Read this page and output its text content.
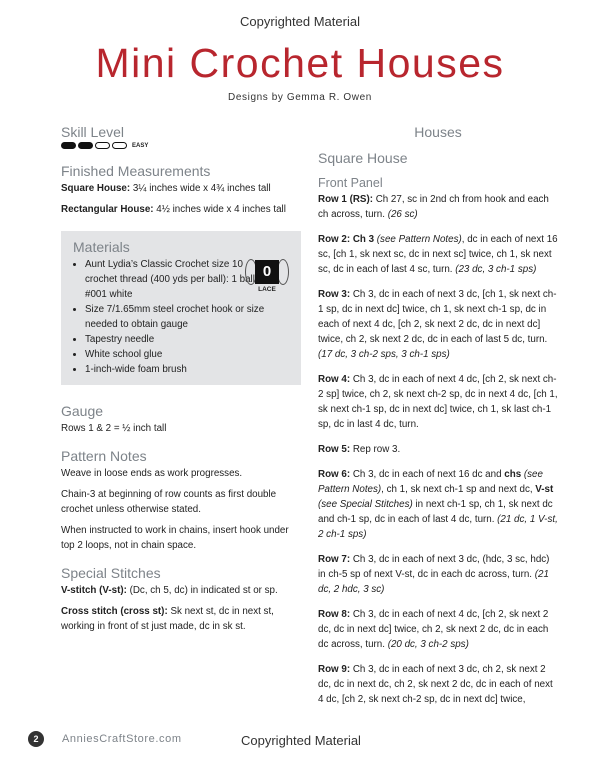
Copyrighted Material
Mini Crochet Houses
Designs by Gemma R. Owen
Skill Level
EASY
Finished Measurements

Square House: 3¼ inches wide x 4¾ inches tall

Rectangular House: 4½ inches wide x 4 inches tall

Materials
• Aunt Lydia’s Classic Crochet size 10 crochet thread (400 yds per ball): 1 ball #001 white
• Size 7/1.65mm steel crochet hook or size needed to obtain gauge
• Tapestry needle
• White school glue
• 1-inch-wide foam brush
0
LACE
Gauge

Rows 1 & 2 = ½ inch tall

Pattern Notes

Weave in loose ends as work progresses.

Chain-3 at beginning of row counts as first double crochet unless otherwise stated.

When instructed to work in chains, insert hook under top 2 loops, not in chain space.

Special Stitches

V-stitch (V-st): (Dc, ch 5, dc) in indicated st or sp.

Cross stitch (cross st): Sk next st, dc in next st, working in front of st just made, dc in sk st.

Houses
Square House
Front Panel

Row 1 (RS): Ch 27, sc in 2nd ch from hook and each ch across, turn. (26 sc)

Row 2: Ch 3 (see Pattern Notes), dc in each of next 16 sc, [ch 1, sk next sc, dc in next sc] twice, ch 1, sk next sc, dc in each of last 4 sc, turn. (23 dc, 3 ch-1 sps)

Row 3: Ch 3, dc in each of next 3 dc, [ch 1, sk next ch-1 sp, dc in next dc] twice, ch 1, sk next ch-1 sp, dc in each of next 4 dc, [ch 2, sk next 2 dc, dc in next dc] twice, ch 2, sk next 2 dc, dc in each of last 5 dc, turn. (17 dc, 3 ch-2 sps, 3 ch-1 sps)

Row 4: Ch 3, dc in each of next 4 dc, [ch 2, sk next ch-2 sp] twice, ch 2, sk next ch-2 sp, dc in next 4 dc, [ch 1, sk next ch-1 sp, dc in next dc] twice, ch 1, sk last ch-1 sp, dc in last 4 dc, turn.

Row 5: Rep row 3.

Row 6: Ch 3, dc in each of next 16 dc and chs (see Pattern Notes), ch 1, sk next ch-1 sp and next dc, V-st (see Special Stitches) in next ch-1 sp, ch 1, sk next dc and ch-1 sp, dc in each of last 4 dc, turn. (21 dc, 1 V-st, 2 ch-1 sps)

Row 7: Ch 3, dc in each of next 3 dc, (hdc, 3 sc, hdc) in ch-5 sp of next V-st, dc in each dc across, turn. (21 dc, 2 hdc, 3 sc)

Row 8: Ch 3, dc in each of next 4 dc, [ch 2, sk next 2 dc, dc in next dc] twice, ch 2, sk next 2 dc, dc in each dc across, turn. (20 dc, 3 ch-2 sps)

Row 9: Ch 3, dc in each of next 3 dc, ch 2, sk next 2 dc, dc in next dc, ch 2, sk next 2 dc, dc in each of next 4 dc, [ch 2, sk next ch-2 sp, dc in next dc] twice,

2	AnniesCraftStore.com	Copyrighted Material
